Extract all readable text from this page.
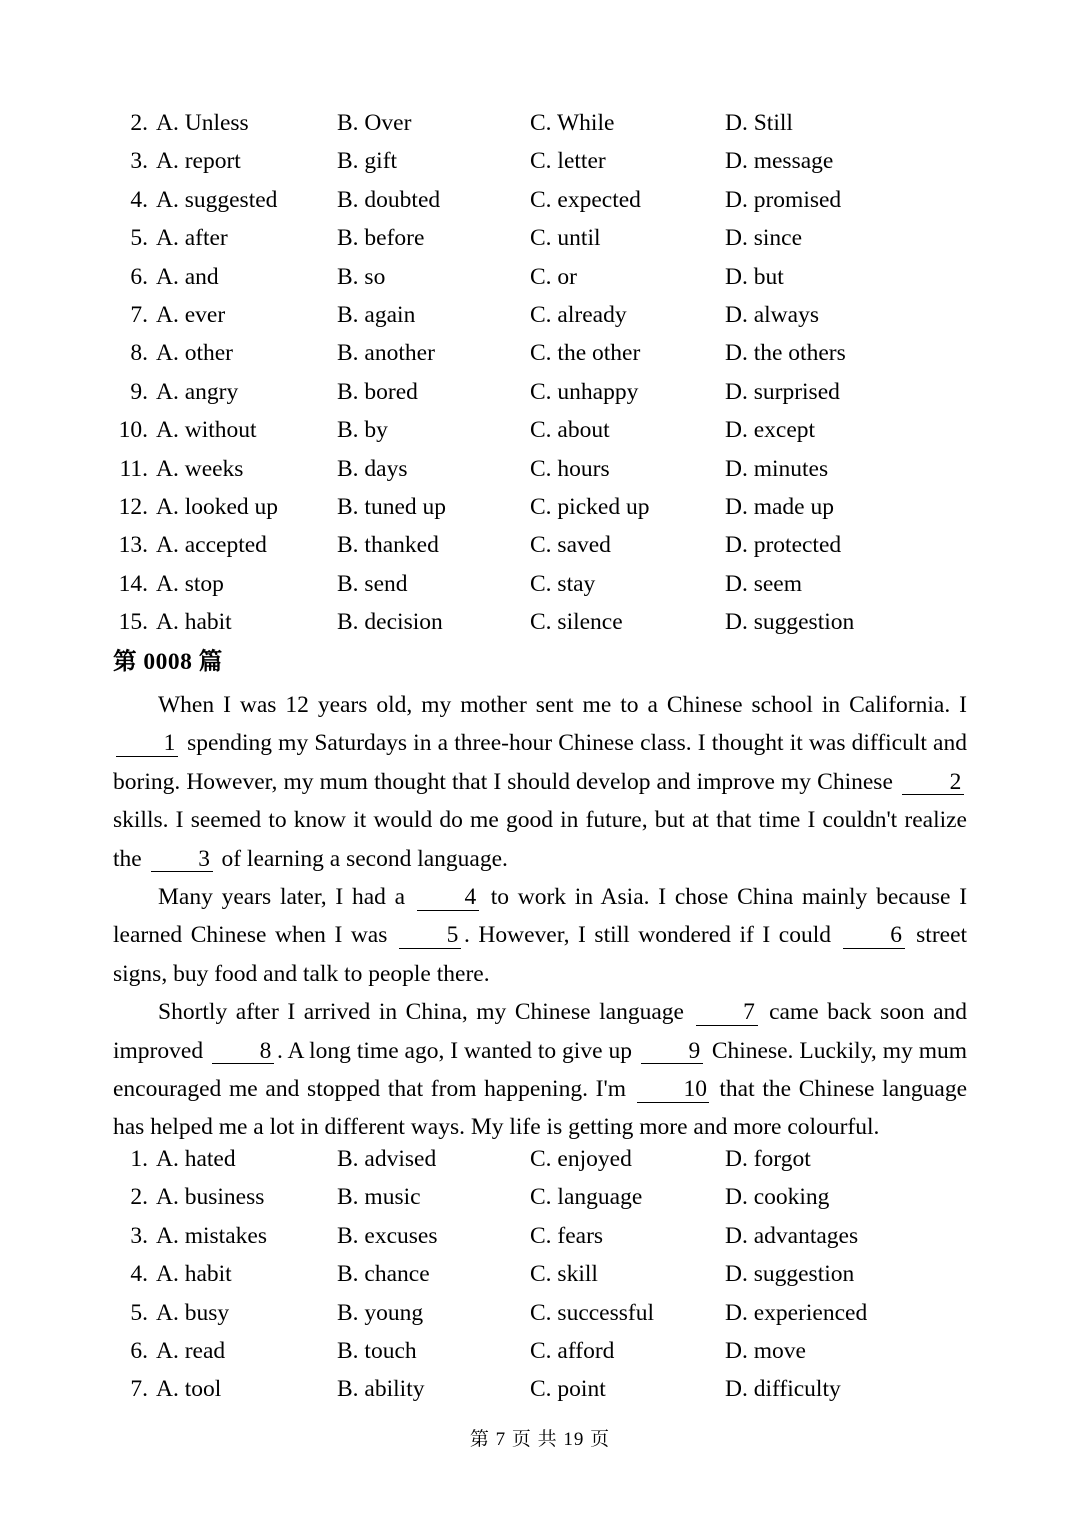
2. A. Unless	B. Over	C. While	D. Still
3. A. report	B. gift	C. letter	D. message
4. A. suggested	B. doubted	C. expected	D. promised
5. A. after	B. before	C. until	D. since
6. A. and	B. so	C. or	D. but
7. A. ever	B. again	C. already	D. always
8. A. other	B. another	C. the other	D. the others
9. A. angry	B. bored	C. unhappy	D. surprised
10. A. without	B. by	C. about	D. except
11. A. weeks	B. days	C. hours	D. minutes
12. A. looked up	B. tuned up	C. picked up	D. made up
13. A. accepted	B. thanked	C. saved	D. protected
14. A. stop	B. send	C. stay	D. seem
15. A. habit	B. decision	C. silence	D. suggestion
第 0008 篇

When I was 12 years old, my mother sent me to a Chinese school in California. I 1 spending my Saturdays in a three-hour Chinese class. I thought it was difficult and boring. However, my mum thought that I should develop and improve my Chinese 2 skills. I seemed to know it would do me good in future, but at that time I couldn't realize the 3 of learning a second language.

Many years later, I had a	4 to work in Asia. I chose China mainly because I learned Chinese when I was	5 . However, I still wondered if I could	6 street signs, buy food and talk to people there.

Shortly after I arrived in China, my Chinese language	7 came back soon and improved 8 . A long time ago, I wanted to give up 9 Chinese. Luckily, my mum encouraged me and stopped that from happening. I'm 10 that the Chinese language has helped me a lot in different ways. My life is getting more and more colourful.

1. A. hated	B. advised	C. enjoyed	D. forgot
2. A. business	B. music	C. language	D. cooking
3. A. mistakes	B. excuses	C. fears	D. advantages
4. A. habit	B. chance	C. skill	D. suggestion
5. A. busy	B. young	C. successful	D. experienced
6. A. read	B. touch	C. afford	D. move
7. A. tool	B. ability	C. point	D. difficulty
第 7 页 共 19 页
